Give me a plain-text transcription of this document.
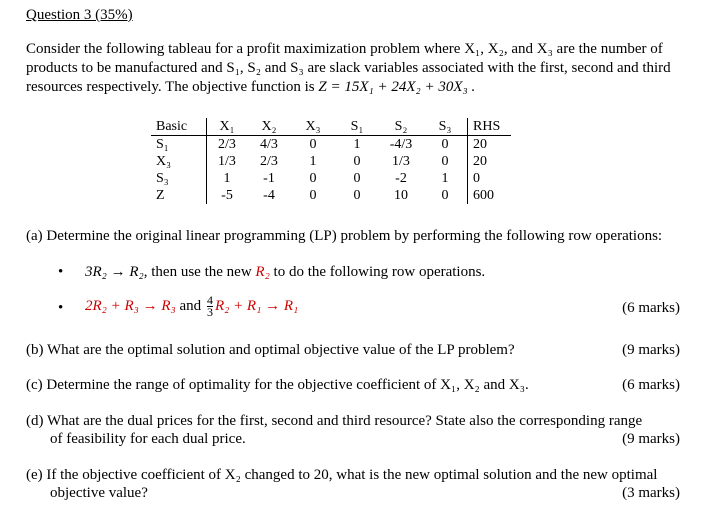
Question 3 (35%)
Consider the following tableau for a profit maximization problem where X₁, X₂, and X₃ are the number of products to be manufactured and S₁, S₂ and S₃ are slack variables associated with the first, second and third resources respectively. The objective function is Z = 15X₁ + 24X₂ + 30X₃ .
Basic	X₁	X₂	X₃	S₁	S₂	S₃	RHS
S₁	2/3	4/3	0	1	-4/3	0	20
X₃	1/3	2/3	1	0	1/3	0	20
S₃	1	-1	0	0	-2	1	0
Z	-5	-4	0	0	10	0	600
(a) Determine the original linear programming (LP) problem by performing the following row operations:
• 3R₂ → R₂, then use the new R₂ to do the following row operations.
• 2R₂ + R₃ → R₃ and $\frac{4}{3} R_2 + R_1 \to R_1$	(6 marks)
(b) What are the optimal solution and optimal objective value of the LP problem?	(9 marks)
(c) Determine the range of optimality for the objective coefficient of X₁, X₂ and X₃.	(6 marks)
(d) What are the dual prices for the first, second and third resource? State also the corresponding range
of feasibility for each dual price.	(9 marks)
(e) If the objective coefficient of X₂ changed to 20, what is the new optimal solution and the new optimal
objective value?	(3 marks)
